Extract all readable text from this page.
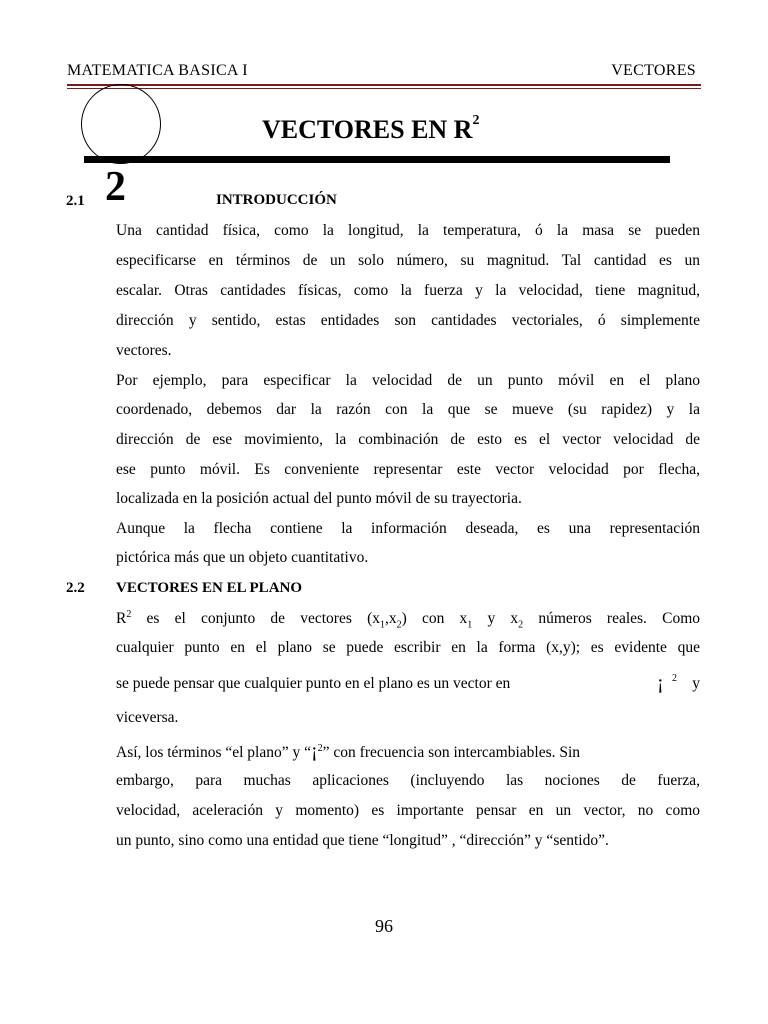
MATEMATICA BASICA I	VECTORES
VECTORES EN $R^2$
2
2.1	INTRODUCCIÓN
Una cantidad física, como la longitud, la temperatura, ó la masa se pueden
especificarse en términos de un solo número, su magnitud. Tal cantidad es un
escalar. Otras cantidades físicas, como la fuerza y la velocidad, tiene magnitud,
dirección y sentido, estas entidades son cantidades vectoriales, ó simplemente
vectores.
Por ejemplo, para especificar la velocidad de un punto móvil en el plano
coordenado, debemos dar la razón con la que se mueve (su rapidez) y la
dirección de ese movimiento, la combinación de esto es el vector velocidad de
ese punto móvil. Es conveniente representar este vector velocidad por flecha,
localizada en la posición actual del punto móvil de su trayectoria.
Aunque la flecha contiene la información deseada, es una representación
pictórica más que un objeto cuantitativo.
2.2 VECTORES EN EL PLANO
$R^2$ es el conjunto de vectores $(x_1,x_2)$ con $x_1$ y $x_2$ números reales. Como
cualquier punto en el plano se puede escribir en la forma (x,y); es evidente que
se puede pensar que cualquier punto en el plano es un vector en	¡ 2 y
viceversa.
Así, los términos “el plano” y “¡$^2$” con frecuencia son intercambiables. Sin
embargo, para muchas aplicaciones (incluyendo las nociones de fuerza,
velocidad, aceleración y momento) es importante pensar en un vector, no como
un punto, sino como una entidad que tiene “longitud” , “dirección” y “sentido”.
96
